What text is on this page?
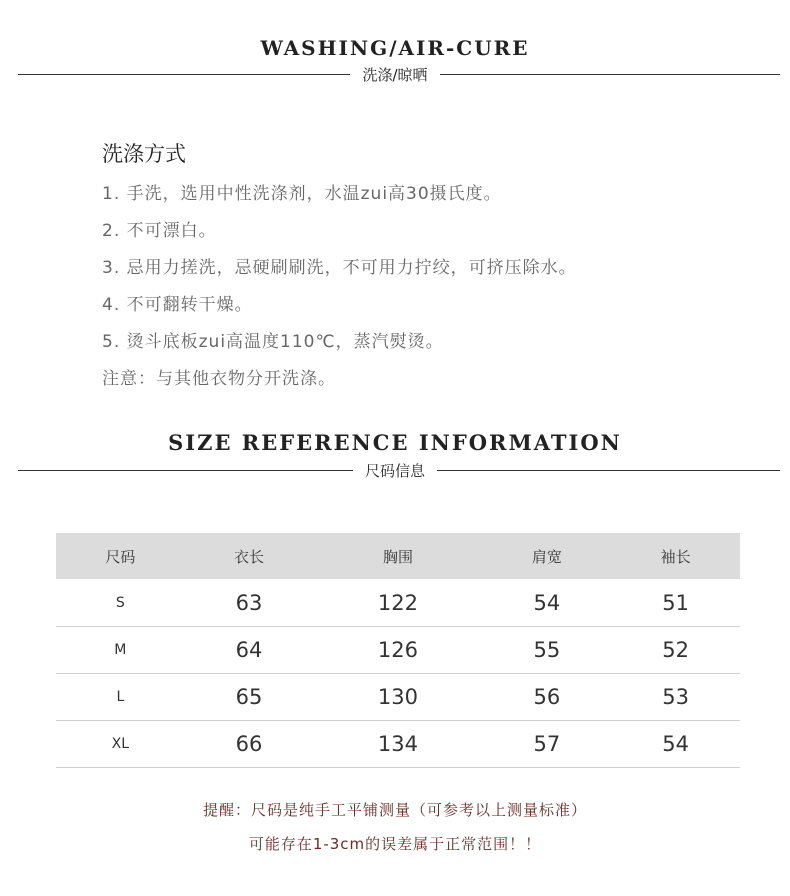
WASHING/AIR-CURE
洗涤/晾晒
洗涤方式
1. 手洗，选用中性洗涤剂，水温zui高30摄氏度。
2. 不可漂白。
3. 忌用力搓洗，忌硬刷刷洗，不可用力拧绞，可挤压除水。
4. 不可翻转干燥。
5. 烫斗底板zui高温度110℃，蒸汽熨烫。
注意：与其他衣物分开洗涤。
SIZE REFERENCE INFORMATION
尺码信息
尺码	衣长	胸围	肩宽	袖长
S	63	122	54	51
M	64	126	55	52
L	65	130	56	53
XL	66	134	57	54
提醒：尺码是纯手工平铺测量（可参考以上测量标准）
可能存在1-3cm的误差属于正常范围！！
